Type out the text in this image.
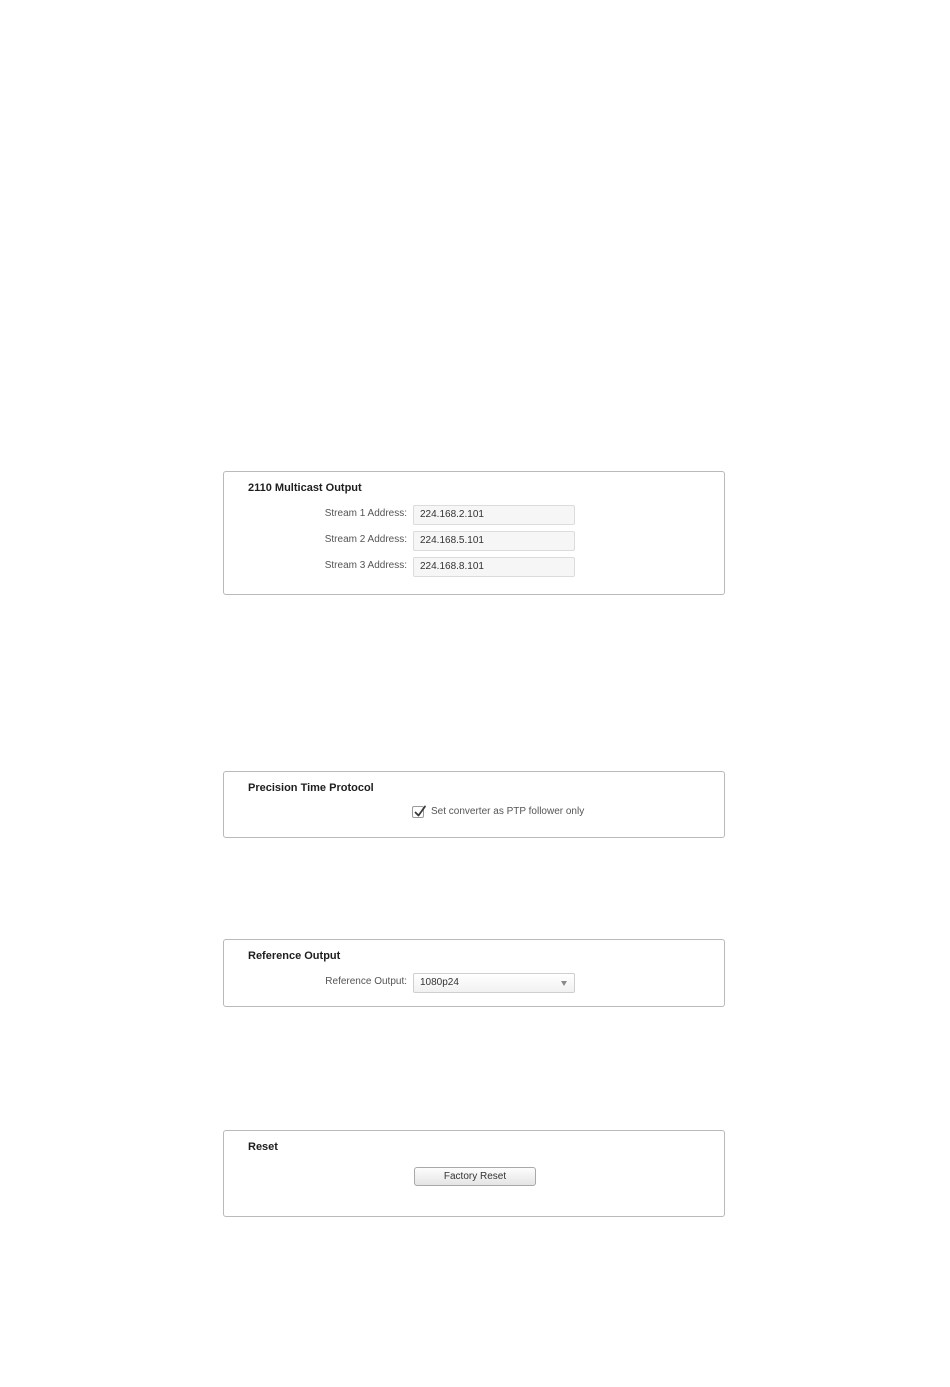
2110 Multicast Output
Stream 1 Address:	224.168.2.101
Stream 2 Address:	224.168.5.101
Stream 3 Address:	224.168.8.101
Precision Time Protocol
Set converter as PTP follower only
Reference Output
Reference Output:	1080p24
Reset
Factory Reset
